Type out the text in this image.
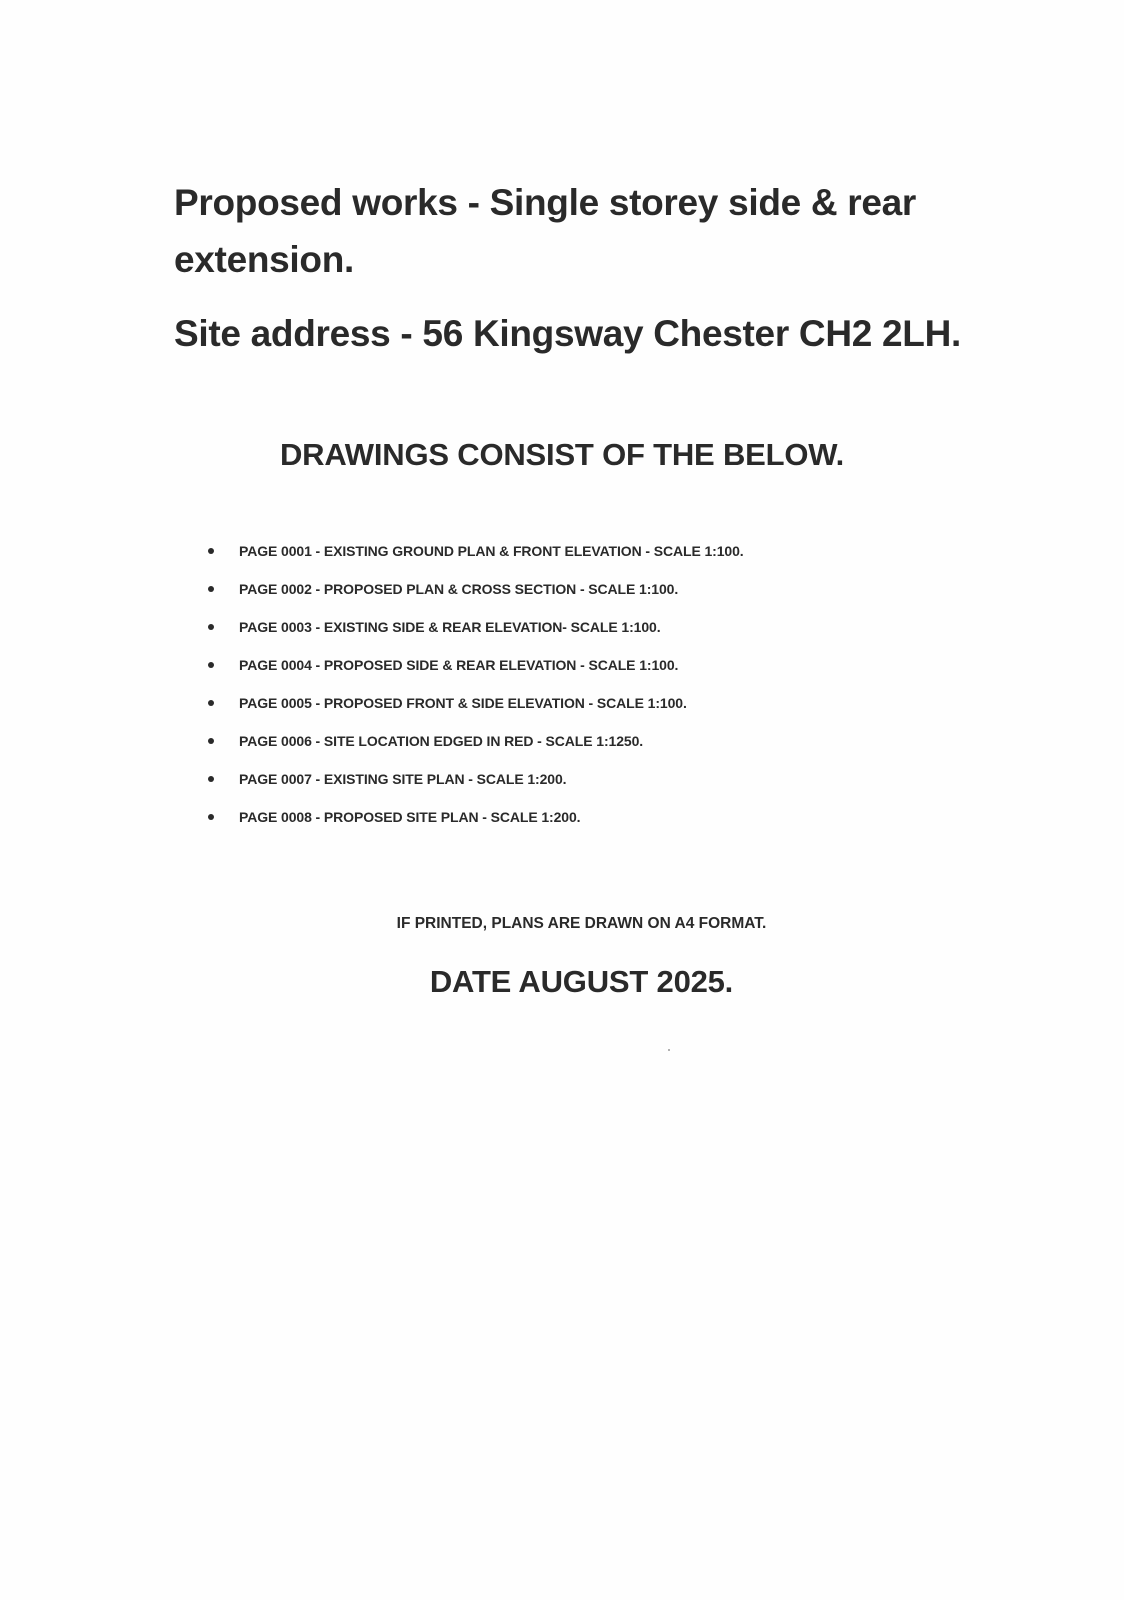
Proposed works - Single storey side & rear extension.

Site address - 56 Kingsway Chester CH2 2LH.

DRAWINGS CONSIST OF THE BELOW.
PAGE 0001 - EXISTING GROUND PLAN & FRONT ELEVATION - SCALE 1:100.
PAGE 0002 - PROPOSED PLAN & CROSS SECTION - SCALE 1:100.
PAGE 0003 - EXISTING SIDE & REAR ELEVATION- SCALE 1:100.
PAGE 0004 - PROPOSED SIDE & REAR ELEVATION - SCALE 1:100.
PAGE 0005 - PROPOSED FRONT & SIDE ELEVATION - SCALE 1:100.
PAGE 0006 - SITE LOCATION EDGED IN RED - SCALE 1:1250.
PAGE 0007 - EXISTING SITE PLAN - SCALE 1:200.
PAGE 0008 - PROPOSED SITE PLAN - SCALE 1:200.

IF PRINTED, PLANS ARE DRAWN ON A4 FORMAT.

DATE AUGUST 2025.
